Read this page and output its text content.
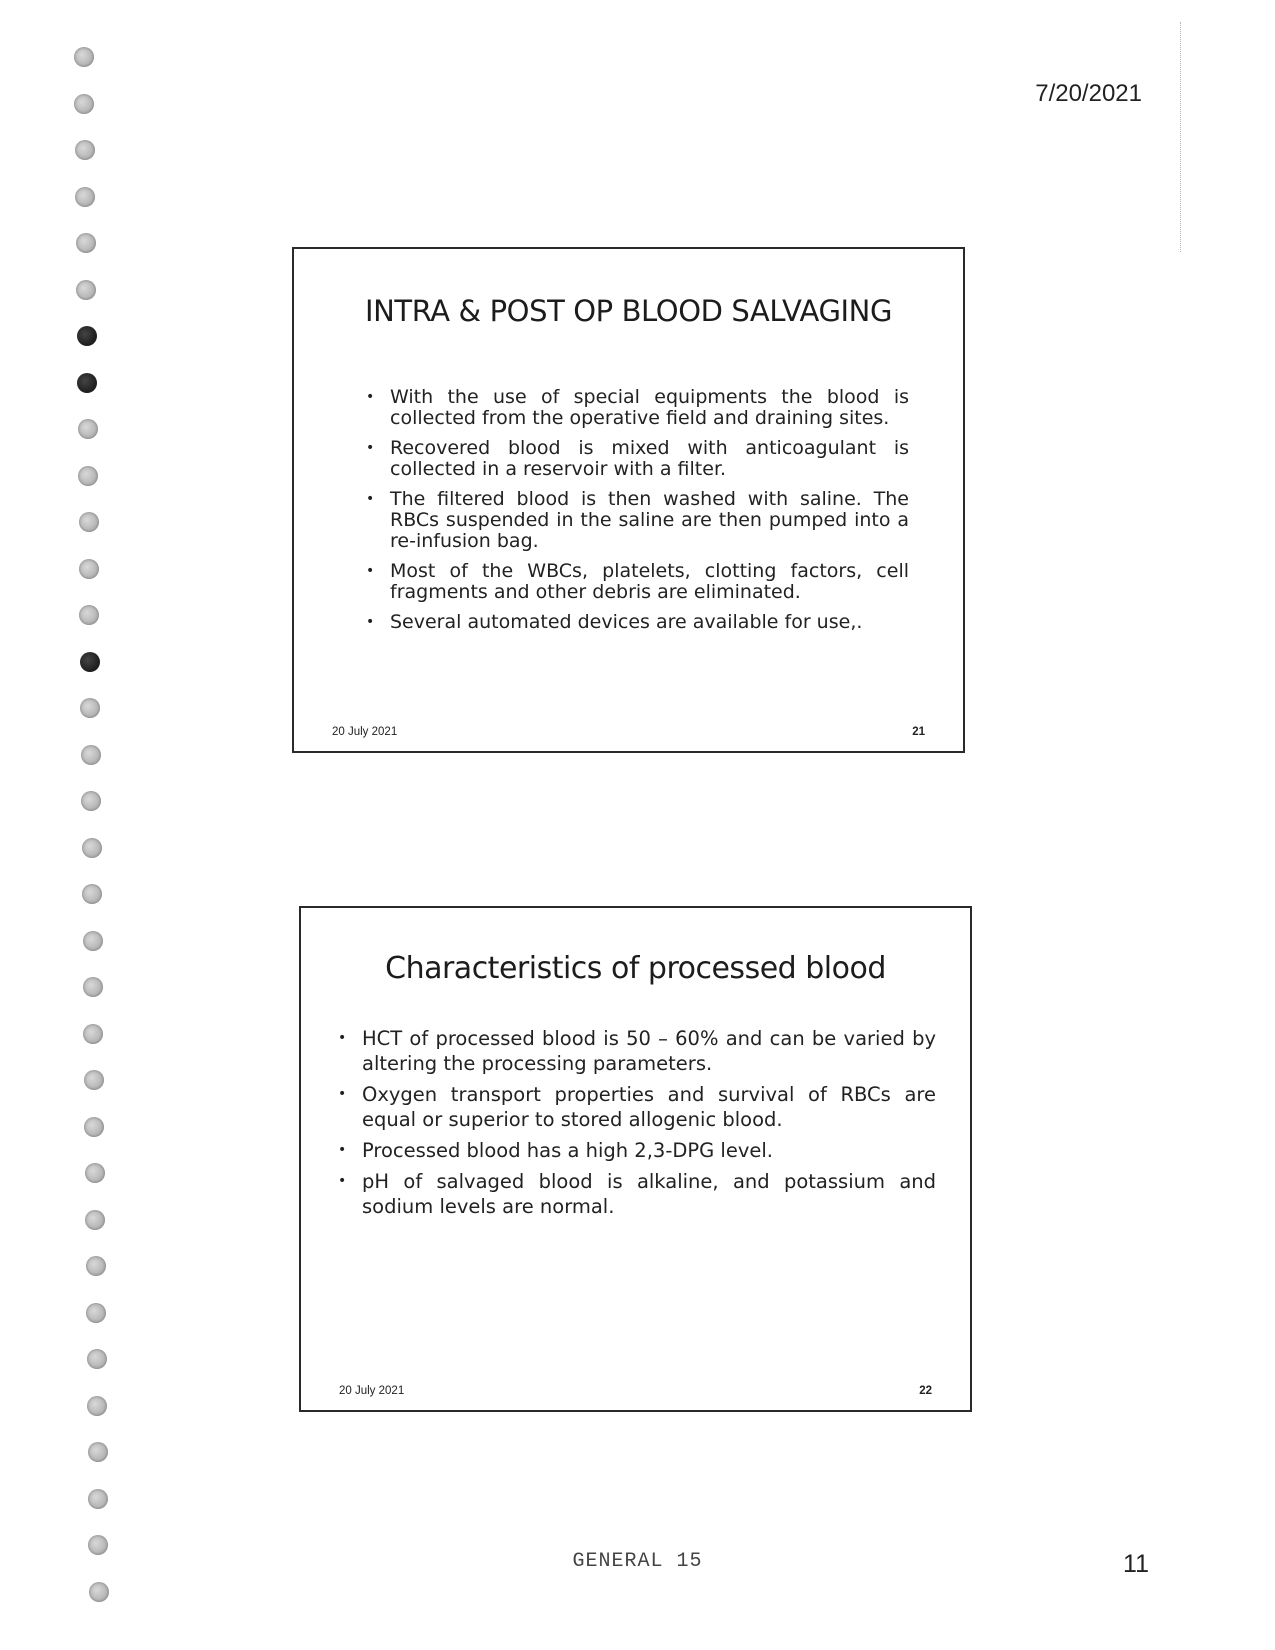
7/20/2021
INTRA & POST OP BLOOD SALVAGING
• With the use of special equipments the blood is collected from the operative field and draining sites.
• Recovered blood is mixed with anticoagulant is collected in a reservoir with a filter.
• The filtered blood is then washed with saline. The RBCs suspended in the saline are then pumped into a re-infusion bag.
• Most of the WBCs, platelets, clotting factors, cell fragments and other debris are eliminated.
• Several automated devices are available for use,.
20 July 2021	21
Characteristics of processed blood
• HCT of processed blood is 50 – 60% and can be varied by altering the processing parameters.
• Oxygen transport properties and survival of RBCs are equal or superior to stored allogenic blood.
• Processed blood has a high 2,3-DPG level.
• pH of salvaged blood is alkaline, and potassium and sodium levels are normal.
20 July 2021	22
GENERAL 15	11
